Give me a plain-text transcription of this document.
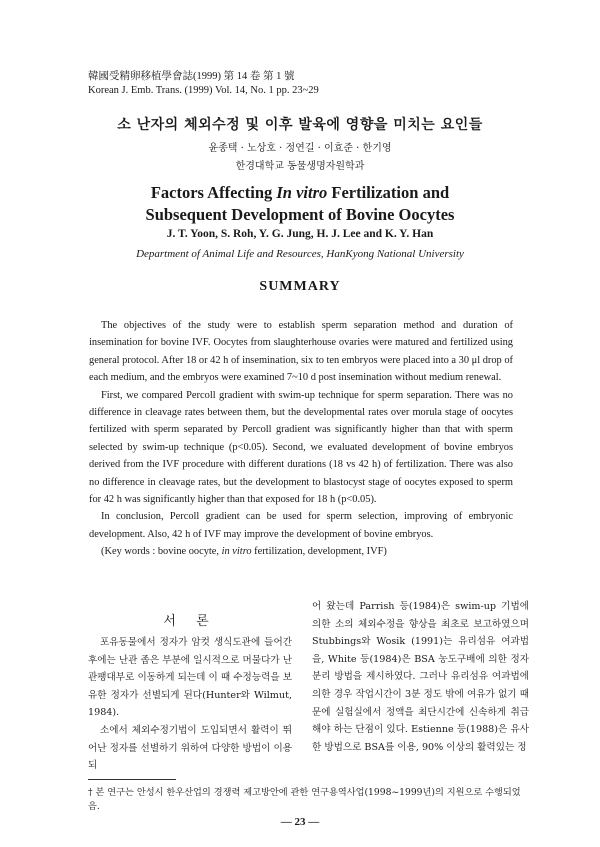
韓國受精卵移植學會誌(1999) 第 14 卷 第 1 號
Korean J. Emb. Trans. (1999) Vol. 14, No. 1 pp. 23~29
소 난자의 체외수정 및 이후 발육에 영향을 미치는 요인들
윤종택 · 노상호 · 정연길 · 이효준 · 한기영
한경대학교 동물생명자원학과
Factors Affecting In vitro Fertilization and
Subsequent Development of Bovine Oocytes
J. T. Yoon, S. Roh, Y. G. Jung, H. J. Lee and K. Y. Han
Department of Animal Life and Resources, HanKyong National University
SUMMARY

The objectives of the study were to establish sperm separation method and duration of insemination for bovine IVF. Oocytes from slaughterhouse ovaries were matured and fertilized using general protocol. After 18 or 42 h of insemination, six to ten embryos were placed into a 30 μl drop of each medium, and the embryos were examined 7~10 d post insemination without medium renewal.

First, we compared Percoll gradient with swim-up technique for sperm separation. There was no difference in cleavage rates between them, but the developmental rates over morula stage of oocytes fertilized with sperm separated by Percoll gradient was significantly higher than that with sperm selected by swim-up technique (p<0.05). Second, we evaluated development of bovine embryos derived from the IVF procedure with different durations (18 vs 42 h) of fertilization. There was also no difference in cleavage rates, but the development to blastocyst stage of oocytes exposed to sperm for 42 h was significantly higher than that exposed for 18 h (p<0.05).

In conclusion, Percoll gradient can be used for sperm selection, improving of embryonic development. Also, 42 h of IVF may improve the development of bovine embryos.

(Key words : bovine oocyte, in vitro fertilization, development, IVF)

서 론

포유동물에서 정자가 암컷 생식도관에 들어간 후에는 난관 좁은 부분에 일시적으로 머물다가 난관팽대부로 이동하게 되는데 이 때 수정능력을 보유한 정자가 선별되게 된다(Hunter와 Wilmut, 1984).

소에서 체외수정기법이 도입되면서 활력이 뛰어난 정자를 선별하기 위하여 다양한 방법이 이용되

어 왔는데 Parrish 등(1984)은 swim-up 기법에 의한 소의 체외수정을 향상을 최초로 보고하였으며 Stubbings와 Wosik (1991)는 유리섬유 여과법을, White 등(1984)은 BSA 농도구배에 의한 정자분리 방법을 제시하였다. 그러나 유리섬유 여과법에 의한 경우 작업시간이 3분 정도 밖에 여유가 없기 때문에 실험실에서 정액을 최단시간에 신속하게 취급해야 하는 단점이 있다. Estienne 등(1988)은 유사한 방법으로 BSA를 이용, 90% 이상의 활력있는 정

† 본 연구는 안성시 한우산업의 경쟁력 제고방안에 관한 연구용역사업(1998~1999년)의 지원으로 수행되었음.
— 23 —
